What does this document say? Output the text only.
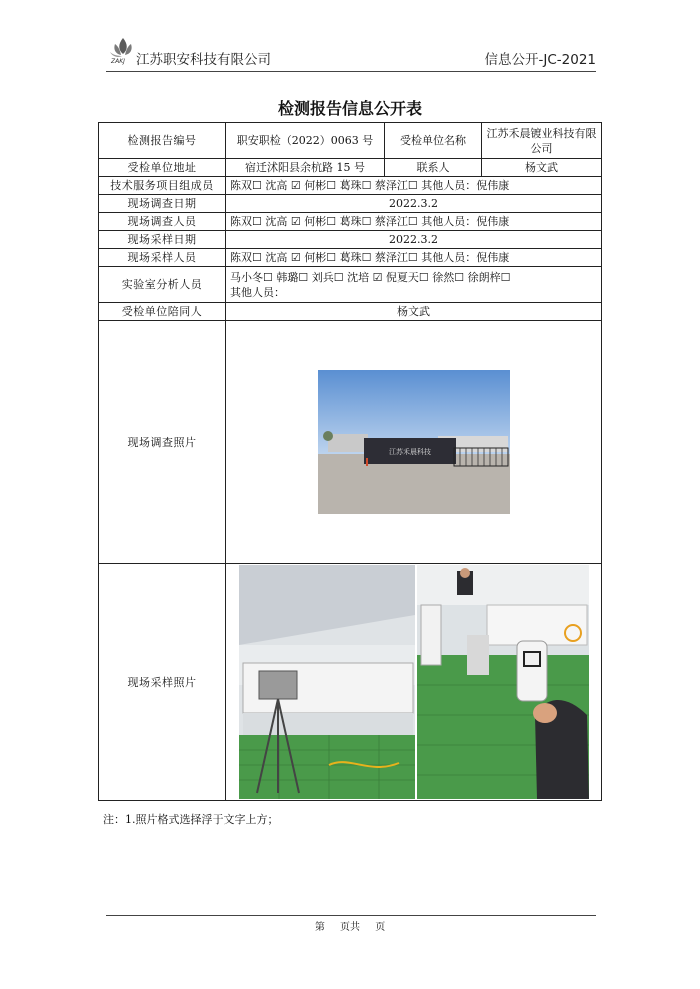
ZAKJ 江苏职安科技有限公司	信息公开-JC-2021
检测报告信息公开表
检测报告编号	职安职检（2022）0063 号	受检单位名称	江苏禾晨镀业科技有限公司
受检单位地址	宿迁沭阳县余杭路 15 号	联系人	杨文武
技术服务项目组成员	陈双☐ 沈高 ☑ 何彬☐ 葛珠☐ 蔡泽江☐ 其他人员：倪伟康		
现场调查日期	2022.3.2		
现场调查人员	陈双☐ 沈高 ☑ 何彬☐ 葛珠☐ 蔡泽江☐ 其他人员：倪伟康		
现场采样日期	2022.3.2		
现场采样人员	陈双☐ 沈高 ☑ 何彬☐ 葛珠☐ 蔡泽江☐ 其他人员：倪伟康		
实验室分析人员	马小冬☐ 韩璐☐ 刘兵☐ 沈培 ☑ 倪夏天☐ 徐然☐ 徐朗梓☐
其他人员：		

受检单位陪同人	杨文武		
现场调查照片	江苏禾晨科技		

现场采样照片	
注：1.照片格式选择浮于文字上方；
第 页共 页
